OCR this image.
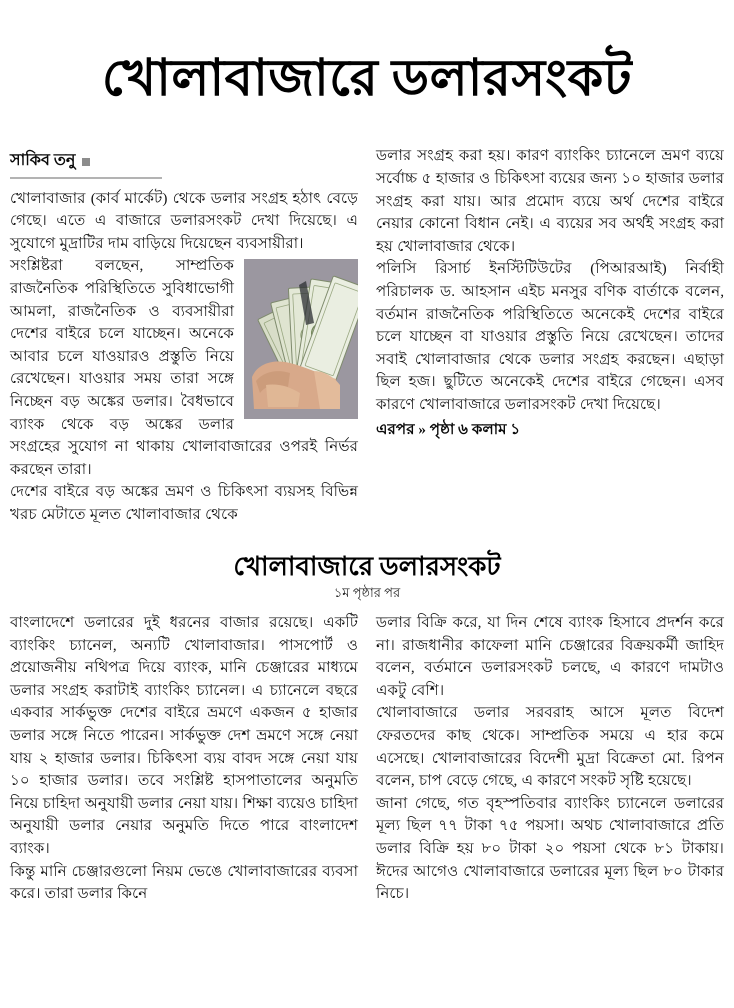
খোলাবাজারে ডলারসংকট
সাকিব তনু

খোলাবাজার (কার্ব মার্কেট) থেকে ডলার সংগ্রহ হঠাৎ বেড়ে গেছে। এতে এ বাজারে ডলারসংকট দেখা দিয়েছে। এ সুযোগে মুদ্রাটির দাম বাড়িয়ে দিয়েছেন ব্যবসায়ীরা।

সংশ্লিষ্টরা বলছেন, সাম্প্রতিক রাজনৈতিক পরিস্থিতিতে সুবিধাভোগী আমলা, রাজনৈতিক ও ব্যবসায়ীরা দেশের বাইরে চলে যাচ্ছেন। অনেকে আবার চলে যাওয়ারও প্রস্তুতি নিয়ে রেখেছেন। যাওয়ার সময় তারা সঙ্গে নিচ্ছেন বড় অঙ্কের ডলার। বৈধভাবে ব্যাংক থেকে বড় অঙ্কের ডলার সংগ্রহের সুযোগ না থাকায় খোলাবাজারের ওপরই নির্ভর করছেন তারা।

দেশের বাইরে বড় অঙ্কের ভ্রমণ ও চিকিৎসা ব্যয়সহ বিভিন্ন খরচ মেটাতে মূলত খোলাবাজার থেকে

ডলার সংগ্রহ করা হয়। কারণ ব্যাংকিং চ্যানেলে ভ্রমণ ব্যয়ে সর্বোচ্চ ৫ হাজার ও চিকিৎসা ব্যয়ের জন্য ১০ হাজার ডলার সংগ্রহ করা যায়। আর প্রমোদ ব্যয়ে অর্থ দেশের বাইরে নেয়ার কোনো বিধান নেই। এ ব্যয়ের সব অর্থই সংগ্রহ করা হয় খোলাবাজার থেকে।

পলিসি রিসার্চ ইনস্টিটিউটের (পিআরআই) নির্বাহী পরিচালক ড. আহসান এইচ মনসুর বণিক বার্তাকে বলেন, বর্তমান রাজনৈতিক পরিস্থিতিতে অনেকেই দেশের বাইরে চলে যাচ্ছেন বা যাওয়ার প্রস্তুতি নিয়ে রেখেছেন। তাদের সবাই খোলাবাজার থেকে ডলার সংগ্রহ করছেন। এছাড়া ছিল হজ। ছুটিতে অনেকেই দেশের বাইরে গেছেন। এসব কারণে খোলাবাজারে ডলারসংকট দেখা দিয়েছে।

এরপর » পৃষ্ঠা ৬ কলাম ১

খোলাবাজারে ডলারসংকট
১ম পৃষ্ঠার পর

বাংলাদেশে ডলারের দুই ধরনের বাজার রয়েছে। একটি ব্যাংকিং চ্যানেল, অন্যটি খোলাবাজার। পাসপোর্ট ও প্রয়োজনীয় নথিপত্র দিয়ে ব্যাংক, মানি চেঞ্জারের মাধ্যমে ডলার সংগ্রহ করাটাই ব্যাংকিং চ্যানেল। এ চ্যানেলে বছরে একবার সার্কভুক্ত দেশের বাইরে ভ্রমণে একজন ৫ হাজার ডলার সঙ্গে নিতে পারেন। সার্কভুক্ত দেশ ভ্রমণে সঙ্গে নেয়া যায় ২ হাজার ডলার। চিকিৎসা ব্যয় বাবদ সঙ্গে নেয়া যায় ১০ হাজার ডলার। তবে সংশ্লিষ্ট হাসপাতালের অনুমতি নিয়ে চাহিদা অনুযায়ী ডলার নেয়া যায়। শিক্ষা ব্যয়েও চাহিদা অনুযায়ী ডলার নেয়ার অনুমতি দিতে পারে বাংলাদেশ ব্যাংক।

কিন্তু মানি চেঞ্জারগুলো নিয়ম ভেঙে খোলাবাজারের ব্যবসা করে। তারা ডলার কিনে

ডলার বিক্রি করে, যা দিন শেষে ব্যাংক হিসাবে প্রদর্শন করে না। রাজধানীর কাফেলা মানি চেঞ্জারের বিক্রয়কর্মী জাহিদ বলেন, বর্তমানে ডলারসংকট চলছে, এ কারণে দামটাও একটু বেশি।

খোলাবাজারে ডলার সরবরাহ আসে মূলত বিদেশ ফেরতদের কাছ থেকে। সাম্প্রতিক সময়ে এ হার কমে এসেছে। খোলাবাজারের বিদেশী মুদ্রা বিক্রেতা মো. রিপন বলেন, চাপ বেড়ে গেছে, এ কারণে সংকট সৃষ্টি হয়েছে।

জানা গেছে, গত বৃহস্পতিবার ব্যাংকিং চ্যানেলে ডলারের মূল্য ছিল ৭৭ টাকা ৭৫ পয়সা। অথচ খোলাবাজারে প্রতি ডলার বিক্রি হয় ৮০ টাকা ২০ পয়সা থেকে ৮১ টাকায়। ঈদের আগেও খোলাবাজারে ডলারের মূল্য ছিল ৮০ টাকার নিচে।
